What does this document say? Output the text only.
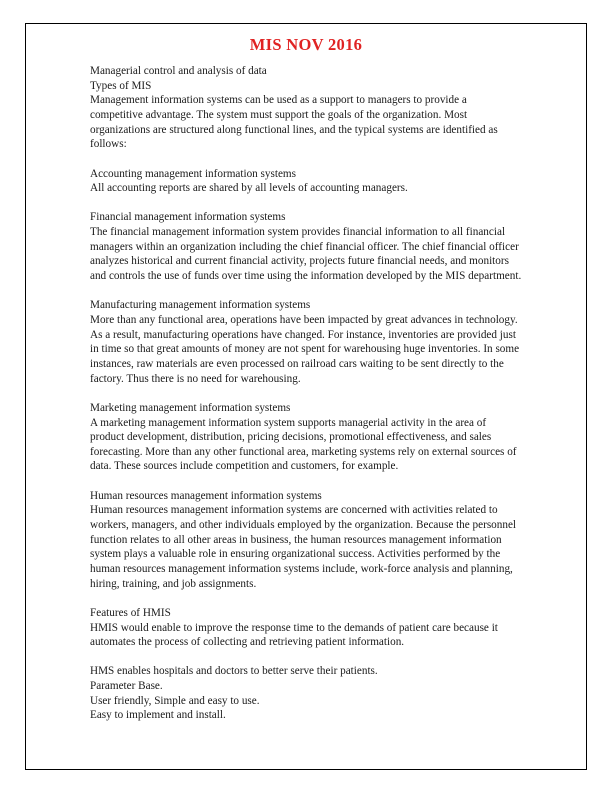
MIS NOV 2016

Managerial control and analysis of data

Types of MIS

Management information systems can be used as a support to managers to provide a competitive advantage. The system must support the goals of the organization. Most organizations are structured along functional lines, and the typical systems are identified as follows:

Accounting management information systems

All accounting reports are shared by all levels of accounting managers.

Financial management information systems

The financial management information system provides financial information to all financial managers within an organization including the chief financial officer. The chief financial officer analyzes historical and current financial activity, projects future financial needs, and monitors and controls the use of funds over time using the information developed by the MIS department.

Manufacturing management information systems

More than any functional area, operations have been impacted by great advances in technology. As a result, manufacturing operations have changed. For instance, inventories are provided just in time so that great amounts of money are not spent for warehousing huge inventories. In some instances, raw materials are even processed on railroad cars waiting to be sent directly to the factory. Thus there is no need for warehousing.

Marketing management information systems

A marketing management information system supports managerial activity in the area of product development, distribution, pricing decisions, promotional effectiveness, and sales forecasting. More than any other functional area, marketing systems rely on external sources of data. These sources include competition and customers, for example.

Human resources management information systems

Human resources management information systems are concerned with activities related to workers, managers, and other individuals employed by the organization. Because the personnel function relates to all other areas in business, the human resources management information system plays a valuable role in ensuring organizational success. Activities performed by the human resources management information systems include, work-force analysis and planning, hiring, training, and job assignments.

Features of HMIS

HMIS would enable to improve the response time to the demands of patient care because it automates the process of collecting and retrieving patient information.

HMS enables hospitals and doctors to better serve their patients.

Parameter Base.

User friendly, Simple and easy to use.

Easy to implement and install.
